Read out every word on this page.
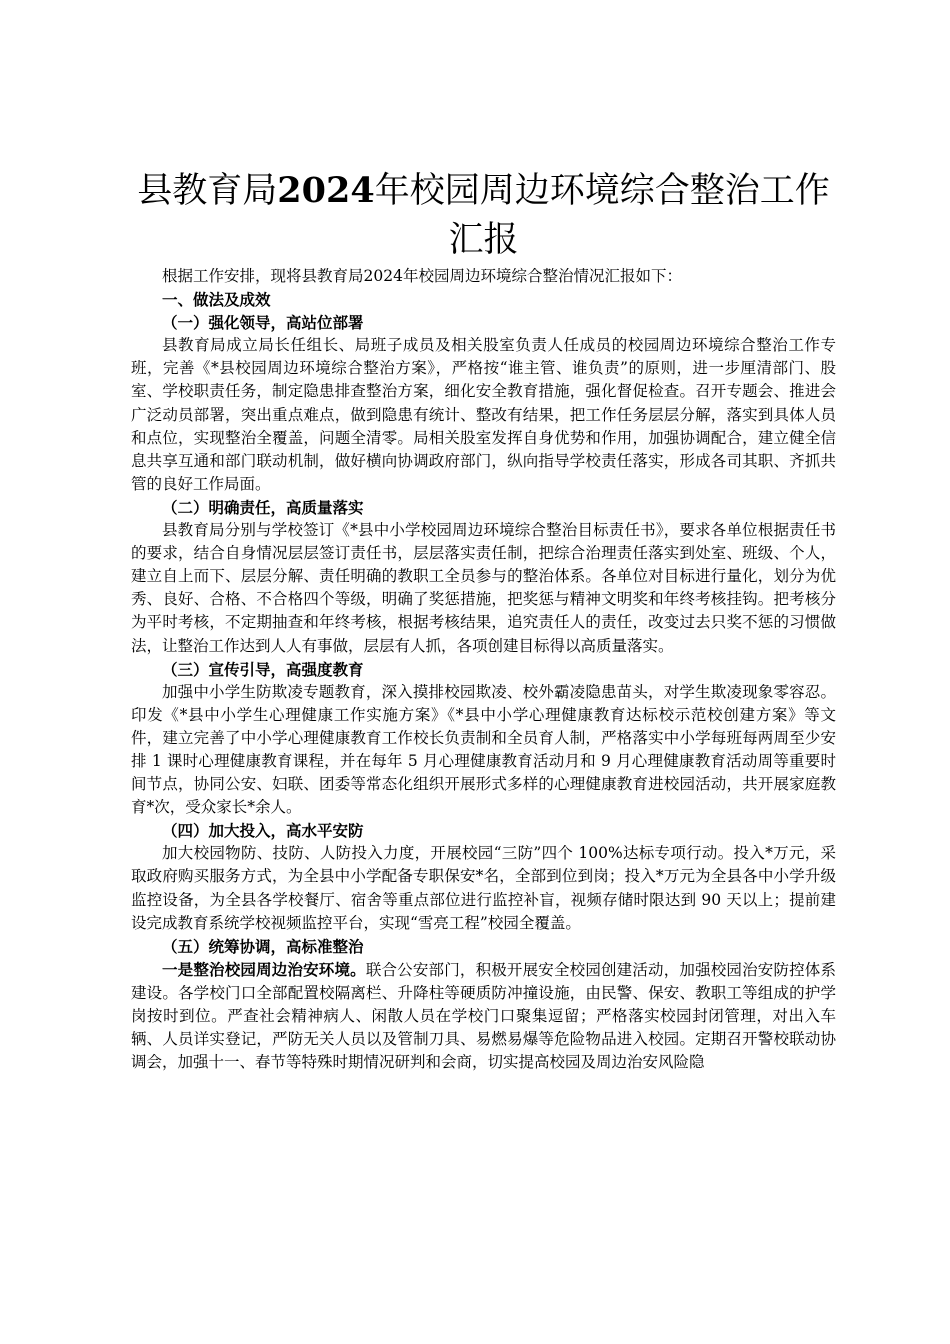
县教育局2024年校园周边环境综合整治工作
汇报

根据工作安排，现将县教育局2024年校园周边环境综合整治情况汇报如下：

一、做法及成效

（一）强化领导，高站位部署

县教育局成立局长任组长、局班子成员及相关股室负责人任成员的校园周边环境综合整治工作专班，完善《*县校园周边环境综合整治方案》，严格按“谁主管、谁负责”的原则，进一步厘清部门、股室、学校职责任务，制定隐患排查整治方案，细化安全教育措施，强化督促检查。召开专题会、推进会广泛动员部署，突出重点难点，做到隐患有统计、整改有结果，把工作任务层层分解，落实到具体人员和点位，实现整治全覆盖，问题全清零。局相关股室发挥自身优势和作用，加强协调配合，建立健全信息共享互通和部门联动机制，做好横向协调政府部门，纵向指导学校责任落实，形成各司其职、齐抓共管的良好工作局面。

（二）明确责任，高质量落实

县教育局分别与学校签订《*县中小学校园周边环境综合整治目标责任书》，要求各单位根据责任书的要求，结合自身情况层层签订责任书，层层落实责任制，把综合治理责任落实到处室、班级、个人，建立自上而下、层层分解、责任明确的教职工全员参与的整治体系。各单位对目标进行量化，划分为优秀、良好、合格、不合格四个等级，明确了奖惩措施，把奖惩与精神文明奖和年终考核挂钩。把考核分为平时考核，不定期抽查和年终考核，根据考核结果，追究责任人的责任，改变过去只奖不惩的习惯做法，让整治工作达到人人有事做，层层有人抓，各项创建目标得以高质量落实。

（三）宣传引导，高强度教育

加强中小学生防欺凌专题教育，深入摸排校园欺凌、校外霸凌隐患苗头，对学生欺凌现象零容忍。印发《*县中小学生心理健康工作实施方案》《*县中小学心理健康教育达标校示范校创建方案》等文件，建立完善了中小学心理健康教育工作校长负责制和全员育人制，严格落实中小学每班每两周至少安排 1 课时心理健康教育课程，并在每年 5 月心理健康教育活动月和 9 月心理健康教育活动周等重要时间节点，协同公安、妇联、团委等常态化组织开展形式多样的心理健康教育进校园活动，共开展家庭教育*次，受众家长*余人。

（四）加大投入，高水平安防

加大校园物防、技防、人防投入力度，开展校园“三防”四个 100%达标专项行动。投入*万元，采取政府购买服务方式，为全县中小学配备专职保安*名，全部到位到岗；投入*万元为全县各中小学升级监控设备，为全县各学校餐厅、宿舍等重点部位进行监控补盲，视频存储时限达到 90 天以上；提前建设完成教育系统学校视频监控平台，实现“雪亮工程”校园全覆盖。

（五）统筹协调，高标准整治

一是整治校园周边治安环境。联合公安部门，积极开展安全校园创建活动，加强校园治安防控体系建设。各学校门口全部配置校隔离栏、升降柱等硬质防冲撞设施，由民警、保安、教职工等组成的护学岗按时到位。严查社会精神病人、闲散人员在学校门口聚集逗留；严格落实校园封闭管理，对出入车辆、人员详实登记，严防无关人员以及管制刀具、易燃易爆等危险物品进入校园。定期召开警校联动协调会，加强十一、春节等特殊时期情况研判和会商，切实提高校园及周边治安风险隐
